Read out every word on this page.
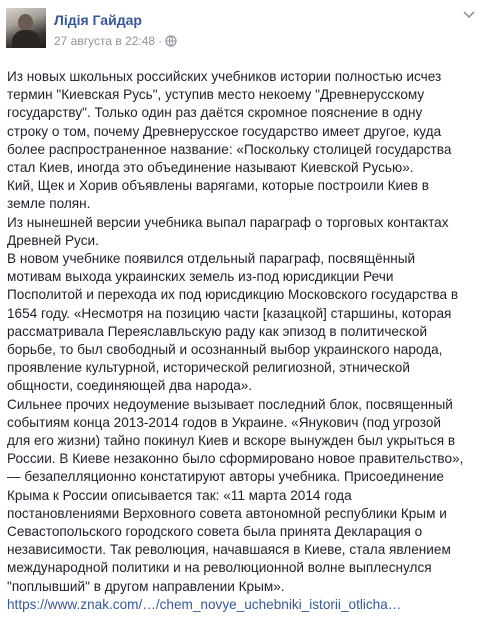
Лідія Гайдар
27 августа в 22:48 ·

Из новых школьных российских учебников истории полностью исчез

термин "Киевская Русь", уступив место некоему "Древнерусскому

государству". Только один раз даётся скромное пояснение в одну

строку о том, почему Древнерусское государство имеет другое, куда

более распространенное название: «Поскольку столицей государства

стал Киев, иногда это объединение называют Киевской Русью».

Кий, Щек и Хорив объявлены варягами, которые построили Киев в

земле полян.

Из нынешней версии учебника выпал параграф о торговых контактах

Древней Руси.

В новом учебнике появился отдельный параграф, посвящённый

мотивам выхода украинских земель из-под юрисдикции Речи

Посполитой и перехода их под юрисдикцию Московского государства в

1654 году. «Несмотря на позицию части [казацкой] старшины, которая

рассматривала Переяславльскую раду как эпизод в политической

борьбе, то был свободный и осознанный выбор украинского народа,

проявление культурной, исторической религиозной, этнической

общности, соединяющей два народа».

Сильнее прочих недоумение вызывает последний блок, посвященный

событиям конца 2013-2014 годов в Украине. «Янукович (под угрозой

для его жизни) тайно покинул Киев и вскоре вынужден был укрыться в

России. В Киеве незаконно было сформировано новое правительство»,

— безапелляционно констатируют авторы учебника. Присоединение

Крыма к России описывается так: «11 марта 2014 года

постановлениями Верховного совета автономной республики Крым и

Севастопольского городского совета была принята Декларация о

независимости. Так революция, начавшаяся в Киеве, стала явлением

международной политики и на революционной волне выплеснулся

"поплывший" в другом направлении Крым».

https://www.znak.com/…/chem_novye_uchebniki_istorii_otlicha…
